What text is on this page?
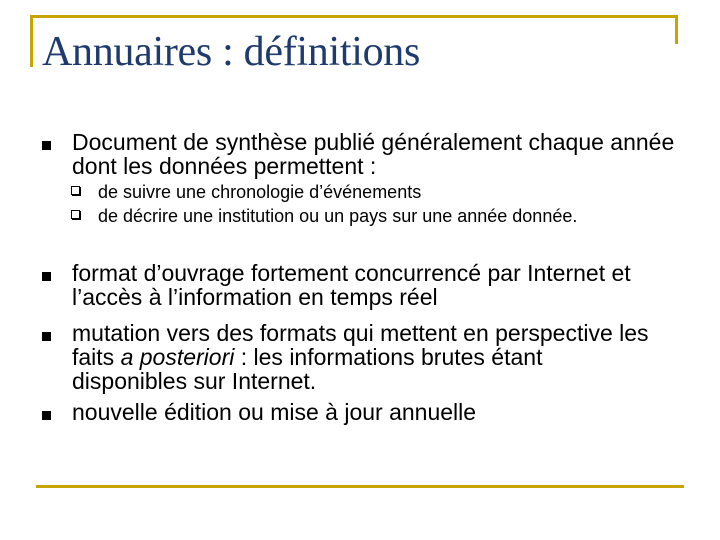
Annuaires : définitions
Document de synthèse publié généralement chaque année dont les données permettent :
de suivre une chronologie d’événements
de décrire une institution ou un pays sur une année donnée.
format d’ouvrage fortement concurrencé par Internet et l’accès à l’information en temps réel
mutation vers des formats qui mettent en perspective les faits a posteriori : les informations brutes étant disponibles sur Internet.
nouvelle édition ou mise à jour annuelle
